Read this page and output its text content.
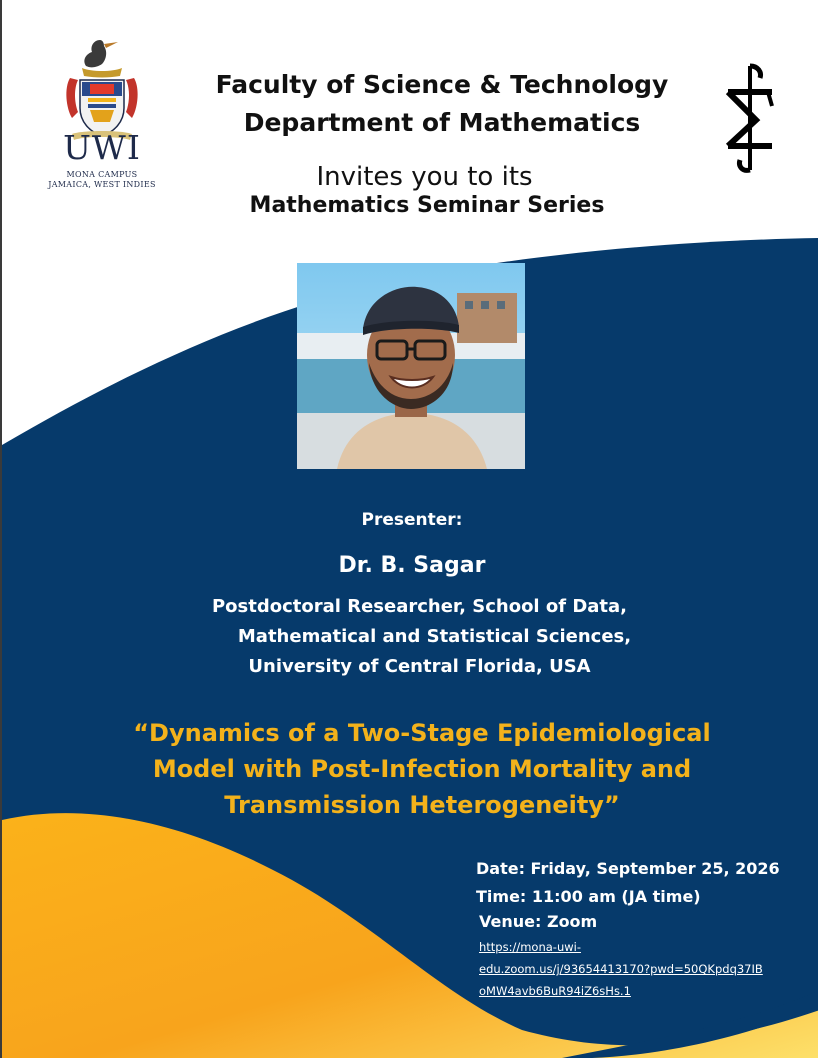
UWI
MONA CAMPUS
JAMAICA, WEST INDIES
Faculty of Science & Technology
Department of Mathematics
Invites you to its
Mathematics Seminar Series
Presenter:
Dr. B. Sagar
Postdoctoral Researcher, School of Data,
Mathematical and Statistical Sciences,
University of Central Florida, USA
“Dynamics of a Two-Stage Epidemiological
Model with Post-Infection Mortality and
Transmission Heterogeneity”
Date: Friday, September 25, 2026
Time: 11:00 am (JA time)
Venue: Zoom
https://mona-uwi-
edu.zoom.us/j/93654413170?pwd=50QKpdq37IB
oMW4avb6BuR94iZ6sHs.1
